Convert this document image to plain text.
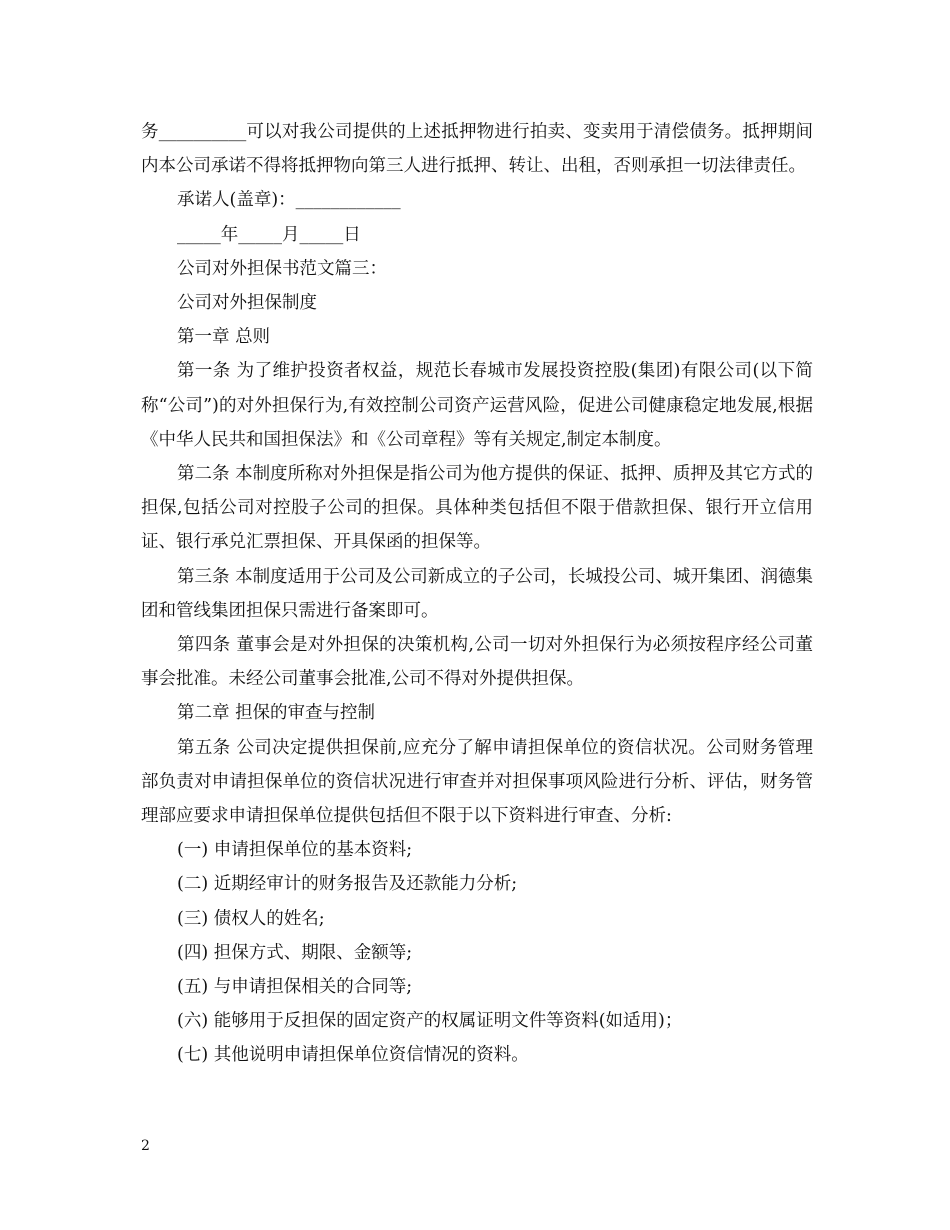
务__________可以对我公司提供的上述抵押物进行拍卖、变卖用于清偿债务。抵押期间内本公司承诺不得将抵押物向第三人进行抵押、转让、出租，否则承担一切法律责任。

承诺人(盖章)：____________

_____年_____月_____日

公司对外担保书范文篇三：

公司对外担保制度

第一章 总则

第一条 为了维护投资者权益，规范长春城市发展投资控股(集团)有限公司(以下简称“公司”)的对外担保行为,有效控制公司资产运营风险，促进公司健康稳定地发展,根据《中华人民共和国担保法》和《公司章程》等有关规定,制定本制度。

第二条 本制度所称对外担保是指公司为他方提供的保证、抵押、质押及其它方式的担保,包括公司对控股子公司的担保。具体种类包括但不限于借款担保、银行开立信用证、银行承兑汇票担保、开具保函的担保等。

第三条 本制度适用于公司及公司新成立的子公司，长城投公司、城开集团、润德集团和管线集团担保只需进行备案即可。

第四条 董事会是对外担保的决策机构,公司一切对外担保行为必须按程序经公司董事会批准。未经公司董事会批准,公司不得对外提供担保。

第二章 担保的审查与控制

第五条 公司决定提供担保前,应充分了解申请担保单位的资信状况。公司财务管理部负责对申请担保单位的资信状况进行审查并对担保事项风险进行分析、评估，财务管理部应要求申请担保单位提供包括但不限于以下资料进行审查、分析:

(一) 申请担保单位的基本资料;

(二) 近期经审计的财务报告及还款能力分析;

(三) 债权人的姓名;

(四) 担保方式、期限、金额等;

(五) 与申请担保相关的合同等;

(六) 能够用于反担保的固定资产的权属证明文件等资料(如适用)；

(七) 其他说明申请担保单位资信情况的资料。

2
